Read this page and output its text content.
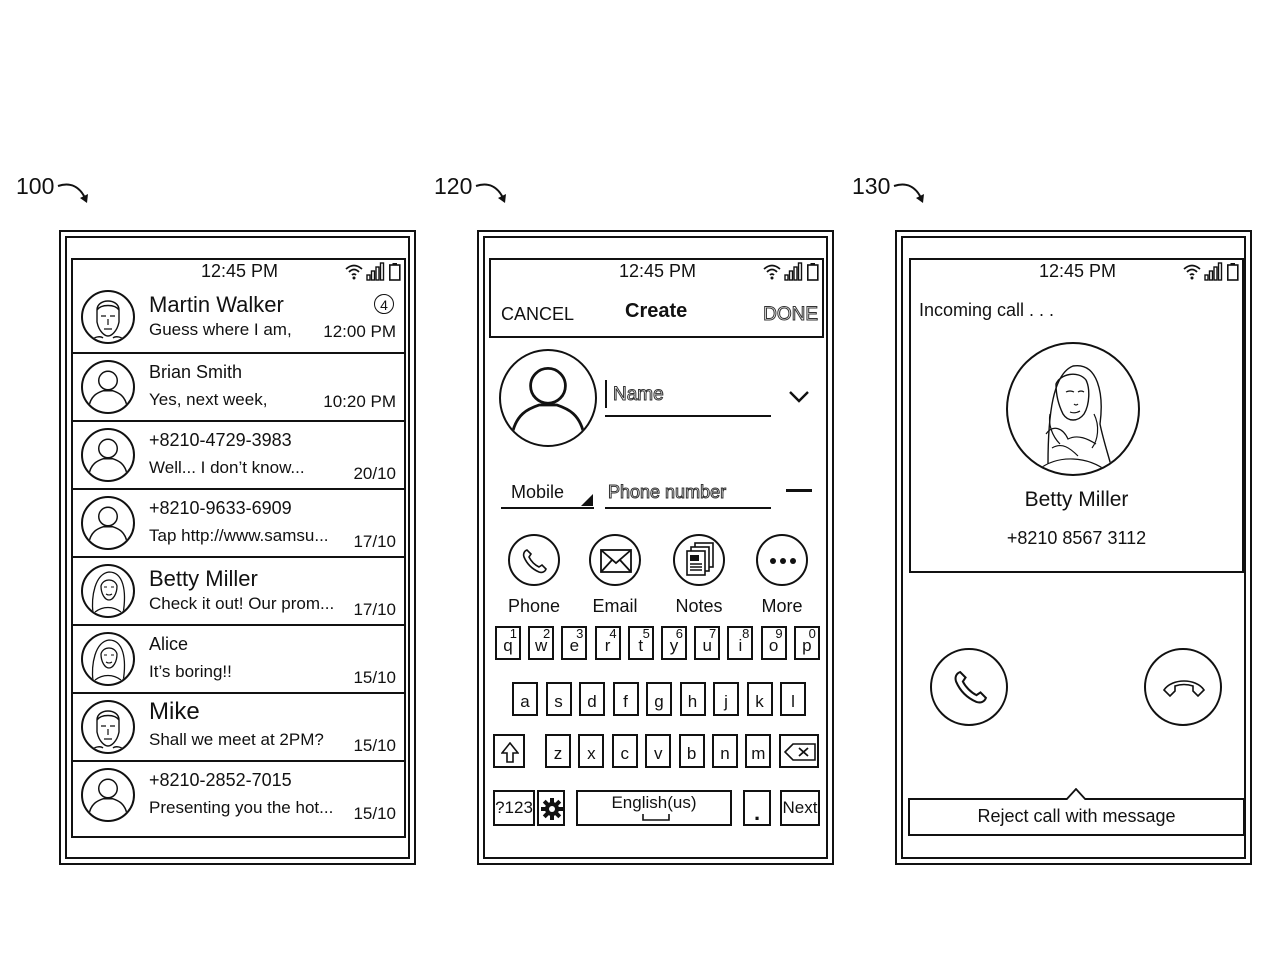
100	120	130
12:45 PM
Martin Walker
Guess where I am, 12:00 PM
4
Brian Smith
Yes, next week,	10:20 PM
+8210-4729-3983
Well... I don’t know...	20/10
+8210-9633-6909
Tap http://www.samsu... 17/10
Betty Miller
Check it out! Our prom... 17/10
Alice
It’s boring!!	15/10
Mike
Shall we meet at 2PM? 15/10
+8210-2852-7015
Presenting you the hot... 15/10
12:45 PM
CANCEL	Create	DONE
Name
Mobile Phone number
Phone	Email	Notes	More
?123	English(us)	.	Next
q
1
w
2
e
3
r
4
t
5
y
6
u
7
i
8
o
9
p
0
a	s	d	f	g	h	j	k	l
z	x	c	v	b	n	m
12:45 PM
Incoming call . . .
Betty Miller
+8210 8567 3112
Reject call with message
